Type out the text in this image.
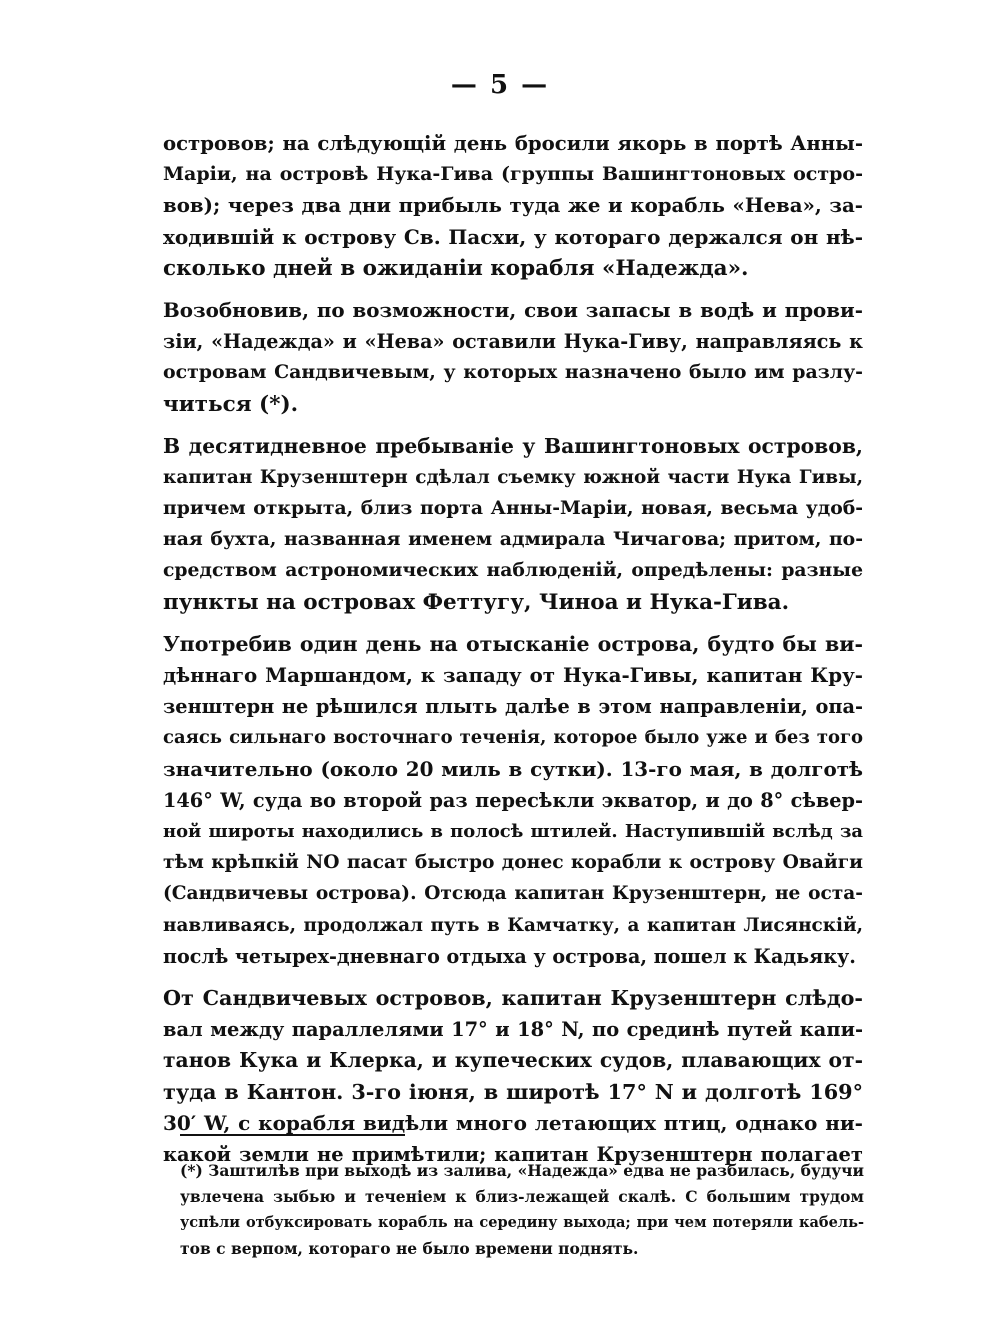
— 5 —
островов; на слѣдующій день бросили якорь в портѣ Анны-
Маріи, на островѣ Нука-Гива (группы Вашингтоновых остро-
вов); через два дни прибыль туда же и корабль «Нева», за-
ходившій к острову Св. Пасхи, у котораго держался он нѣ-
сколько дней в ожиданіи корабля «Надежда».
Возобновив, по возможности, свои запасы в водѣ и прови-
зіи, «Надежда» и «Нева» оставили Нука-Гиву, направляясь к
островам Сандвичевым, у которых назначено было им разлу-
читься (*).
В десятидневное пребываніе у Вашингтоновых островов,
капитан Крузенштерн сдѣлал съемку южной части Нука Гивы,
причем открыта, близ порта Анны-Маріи, новая, весьма удоб-
ная бухта, названная именем адмирала Чичагова; притом, по-
средством астрономических наблюденій, опредѣлены: разные
пункты на островах Феттугу, Чиноа и Нука-Гива.
Употребив один день на отысканіе острова, будто бы ви-
дѣннаго Маршандом, к западу от Нука-Гивы, капитан Кру-
зенштерн не рѣшился плыть далѣе в этом направленіи, опа-
саясь сильнаго восточнаго теченія, которое было уже и без того
значительно (около 20 миль в сутки). 13-го мая, в долготѣ
146° W, суда во второй раз пересѣкли экватор, и до 8° сѣвер-
ной широты находились в полосѣ штилей. Наступившій вслѣд за
тѣм крѣпкій NO пасат быстро донес корабли к острову Овайги
(Сандвичевы острова). Отсюда капитан Крузенштерн, не оста-
навливаясь, продолжал путь в Камчатку, а капитан Лисянскій,
послѣ четырех-дневнаго отдыха у острова, пошел к Кадьяку.
От Сандвичевых островов, капитан Крузенштерн слѣдо-
вал между параллелями 17° и 18° N, по срединѣ путей капи-
танов Кука и Клерка, и купеческих судов, плавающих от-
туда в Кантон. 3-го іюня, в широтѣ 17° N и долготѣ 169°
30′ W, с корабля видѣли много летающих птиц, однако ни-
какой земли не примѣтили; капитан Крузенштерн полагает
(*) Заштилѣв при выходѣ из залива, «Надежда» едва не разбилась, будучи
увлечена зыбью и теченіем к близ-лежащей скалѣ. С большим трудом
успѣли отбуксировать корабль на середину выхода; при чем потеряли кабель-
тов с верпом, котораго не было времени поднять.
